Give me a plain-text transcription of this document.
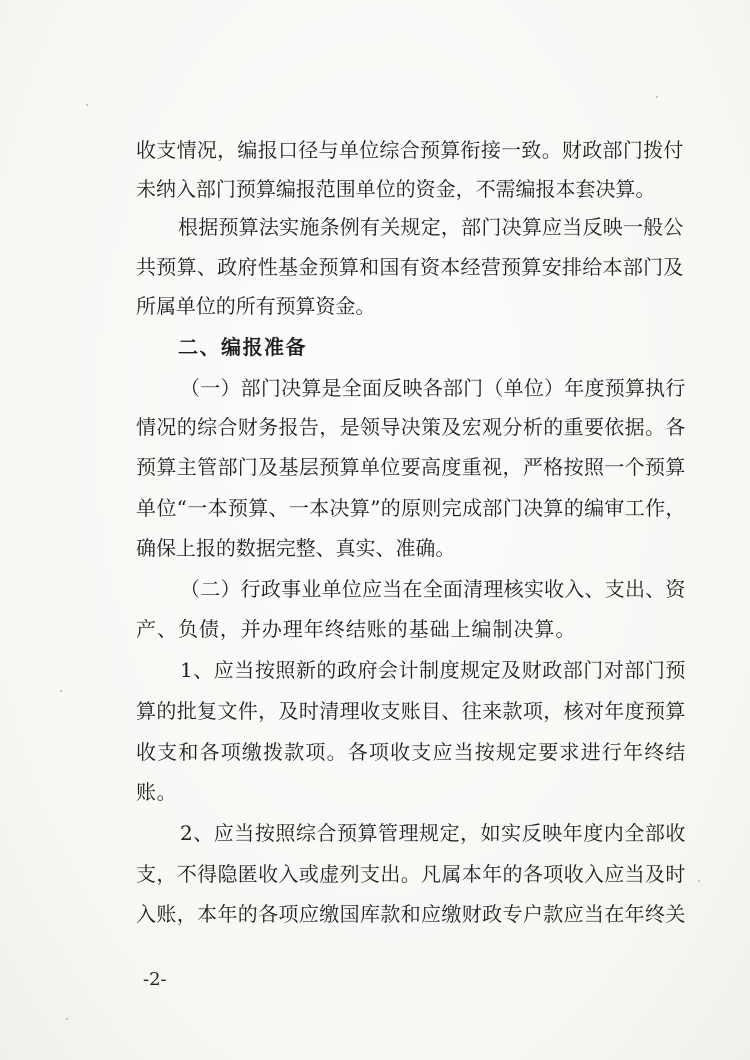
收支情况，编报口径与单位综合预算衔接一致。财政部门拨付
未纳入部门预算编报范围单位的资金，不需编报本套决算。
根据预算法实施条例有关规定，部门决算应当反映一般公
共预算、政府性基金预算和国有资本经营预算安排给本部门及
所属单位的所有预算资金。
二、编报准备
（一）部门决算是全面反映各部门（单位）年度预算执行
情况的综合财务报告，是领导决策及宏观分析的重要依据。各
预算主管部门及基层预算单位要高度重视，严格按照一个预算
单位“一本预算、一本决算”的原则完成部门决算的编审工作，
确保上报的数据完整、真实、准确。
（二）行政事业单位应当在全面清理核实收入、支出、资
产、负债，并办理年终结账的基础上编制决算。
1、应当按照新的政府会计制度规定及财政部门对部门预
算的批复文件，及时清理收支账目、往来款项，核对年度预算
收支和各项缴拨款项。各项收支应当按规定要求进行年终结
账。
2、应当按照综合预算管理规定，如实反映年度内全部收
支，不得隐匿收入或虚列支出。凡属本年的各项收入应当及时
入账，本年的各项应缴国库款和应缴财政专户款应当在年终关
-2-
